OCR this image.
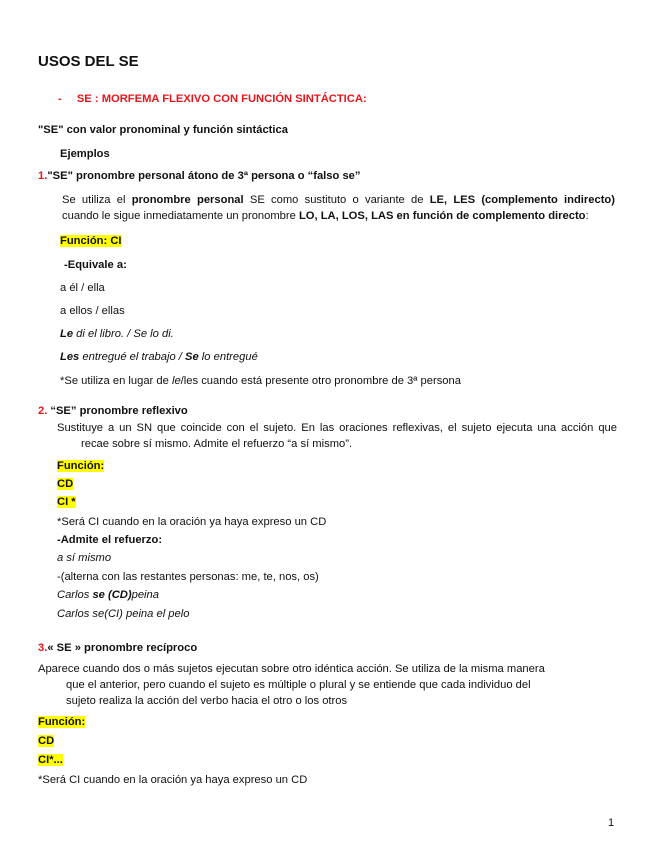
USOS DEL SE
- SE : MORFEMA FLEXIVO CON FUNCIÓN SINTÁCTICA:
"SE" con valor pronominal y función sintáctica
Ejemplos
1."SE" pronombre personal átono de 3ª persona o “falso se”
Se utiliza el pronombre personal SE como sustituto o variante de LE, LES (complemento indirecto)
cuando le sigue inmediatamente un pronombre LO, LA, LOS, LAS en función de complemento directo:
Función: CI
-Equivale a:
a él / ella
a ellos / ellas
Le di el libro. / Se lo di.
Les entregué el trabajo / Se lo entregué
*Se utiliza en lugar de le/les cuando está presente otro pronombre de 3ª persona
2. “SE” pronombre reflexivo
Sustituye a un SN que coincide con el sujeto. En las oraciones reflexivas, el sujeto ejecuta una acción que
recae sobre sí mismo. Admite el refuerzo “a sí mismo”.
Función:
CD
CI *
*Será CI cuando en la oración ya haya expreso un CD
-Admite el refuerzo:
a sí mismo
-(alterna con las restantes personas: me, te, nos, os)
Carlos se (CD)peina
Carlos se(CI) peina el pelo
3.« SE » pronombre recíproco
Aparece cuando dos o más sujetos ejecutan sobre otro idéntica acción. Se utiliza de la misma manera
que el anterior, pero cuando el sujeto es múltiple o plural y se entiende que cada individuo del
sujeto realiza la acción del verbo hacia el otro o los otros
Función:
CD
CI*...
*Será CI cuando en la oración ya haya expreso un CD
1
